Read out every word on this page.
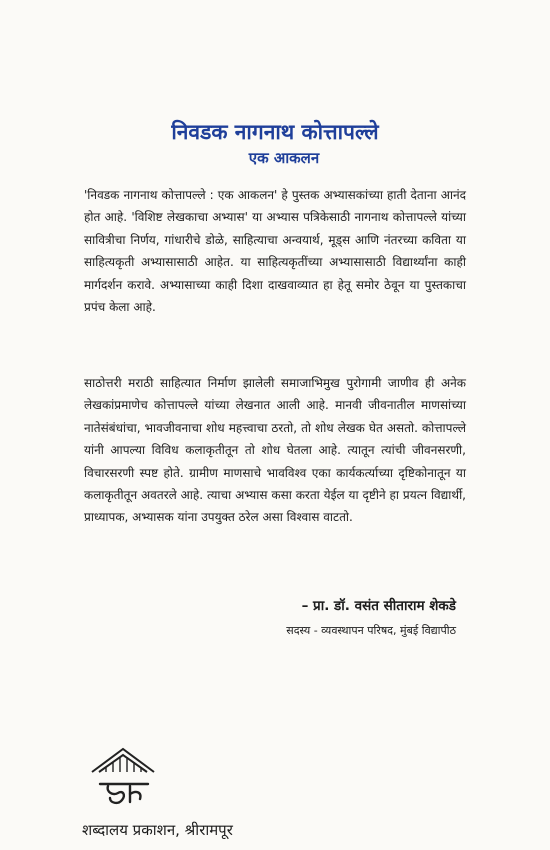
निवडक नागनाथ कोत्तापल्ले
एक आकलन

'निवडक नागनाथ कोत्तापल्ले : एक आकलन' हे पुस्तक अभ्यासकांच्या हाती देताना आनंद होत आहे. 'विशिष्ट लेखकाचा अभ्यास' या अभ्यास पत्रिकेसाठी नागनाथ कोत्तापल्ले यांच्या सावित्रीचा निर्णय, गांधारीचे डोळे, साहित्याचा अन्वयार्थ, मूड्स आणि नंतरच्या कविता या साहित्यकृती अभ्यासासाठी आहेत. या साहित्यकृतींच्या अभ्यासासाठी विद्यार्थ्यांना काही मार्गदर्शन करावे. अभ्यासाच्या काही दिशा दाखवाव्यात हा हेतू समोर ठेवून या पुस्तकाचा प्रपंच केला आहे.

साठोत्तरी मराठी साहित्यात निर्माण झालेली समाजाभिमुख पुरोगामी जाणीव ही अनेक लेखकांप्रमाणेच कोत्तापल्ले यांच्या लेखनात आली आहे. मानवी जीवनातील माणसांच्या नातेसंबंधांचा, भावजीवनाचा शोध महत्त्वाचा ठरतो, तो शोध लेखक घेत असतो. कोत्तापल्ले यांनी आपल्या विविध कलाकृतीतून तो शोध घेतला आहे. त्यातून त्यांची जीवनसरणी, विचारसरणी स्पष्ट होते. ग्रामीण माणसाचे भावविश्व एका कार्यकर्त्याच्या दृष्टिकोनातून या कलाकृतीतून अवतरले आहे. त्याचा अभ्यास कसा करता येईल या दृष्टीने हा प्रयत्न विद्यार्थी, प्राध्यापक, अभ्यासक यांना उपयुक्त ठरेल असा विश्वास वाटतो.

– प्रा. डॉ. वसंत सीताराम शेकडे
सदस्य - व्यवस्थापन परिषद, मुंबई विद्यापीठ
शब्दालय प्रकाशन, श्रीरामपूर
